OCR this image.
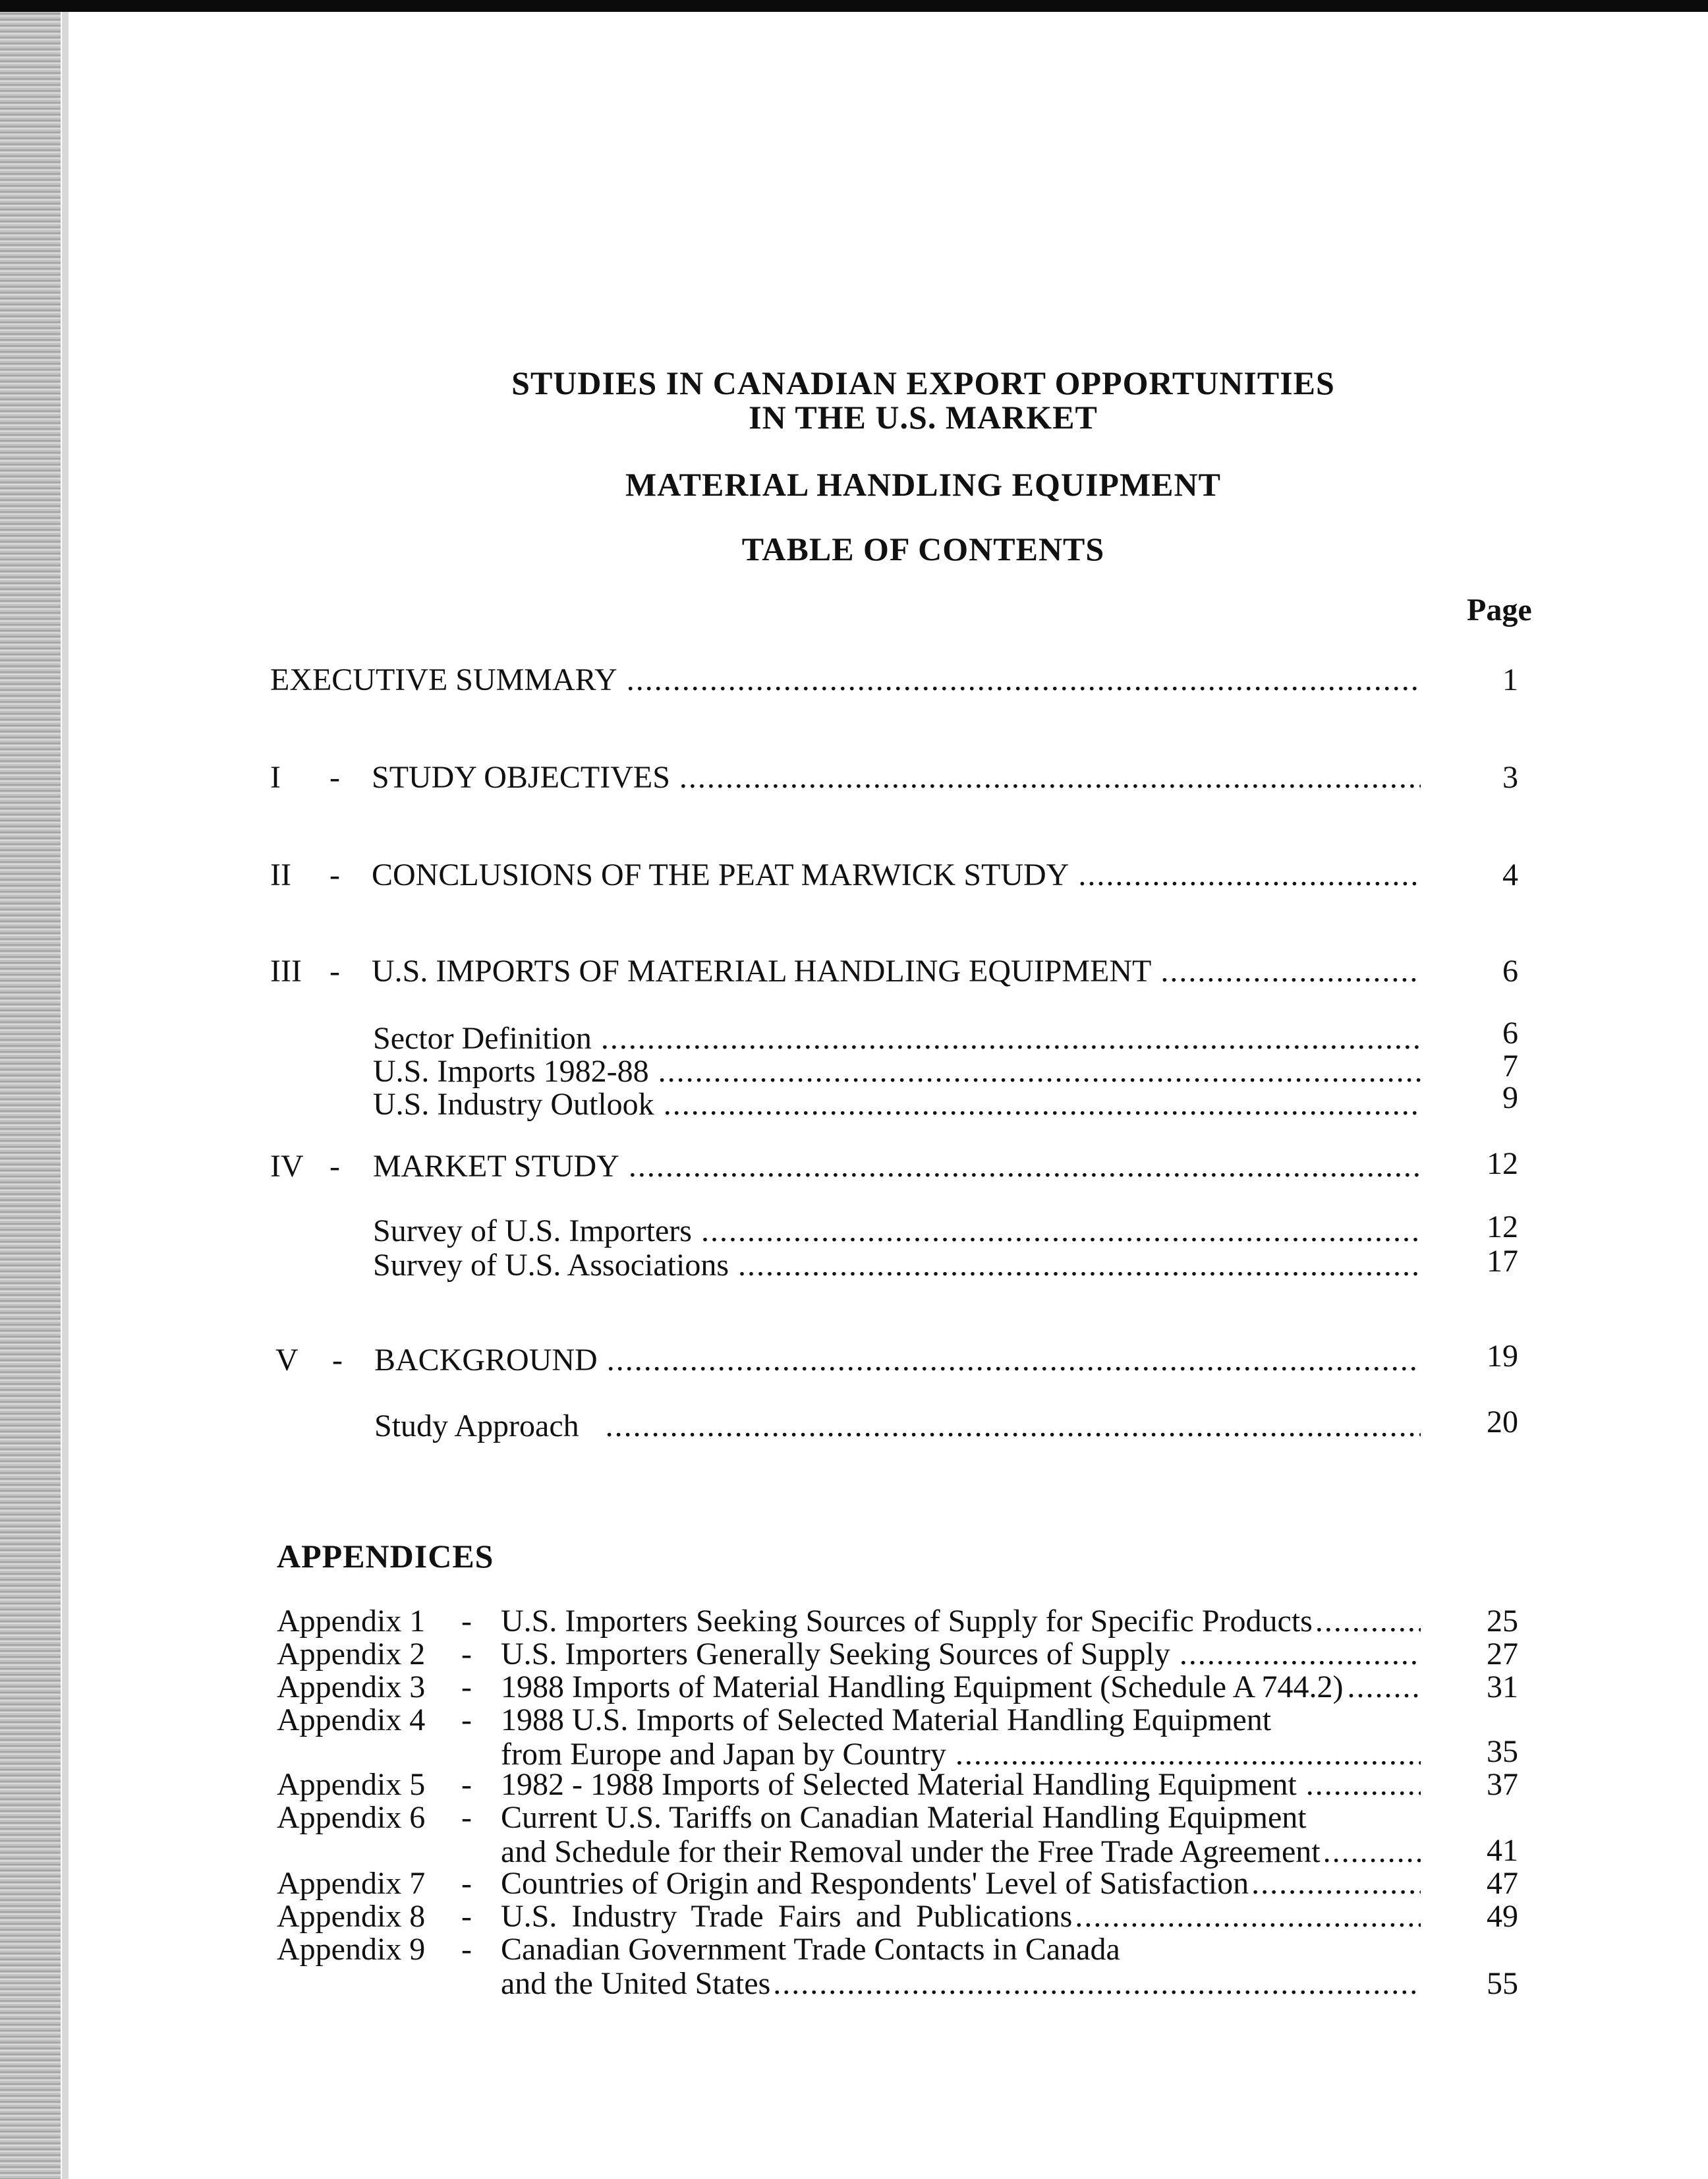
STUDIES IN CANADIAN EXPORT OPPORTUNITIES
IN THE U.S. MARKET
MATERIAL HANDLING EQUIPMENT
TABLE OF CONTENTS
Page
EXECUTIVE SUMMARY .....	1
I - STUDY OBJECTIVES .....	3
II - CONCLUSIONS OF THE PEAT MARWICK STUDY .....	4
III - U.S. IMPORTS OF MATERIAL HANDLING EQUIPMENT .....	6
Sector Definition .....	6
U.S. Imports 1982-88 .....	7
U.S. Industry Outlook .....	9
IV - MARKET STUDY .....	12
Survey of U.S. Importers .....	12
Survey of U.S. Associations .....	17
V - BACKGROUND .....	19
Study Approach .....	20
APPENDICES
Appendix 1 - U.S. Importers Seeking Sources of Supply for Specific Products .....	25
Appendix 2 - U.S. Importers Generally Seeking Sources of Supply .....	27
Appendix 3 - 1988 Imports of Material Handling Equipment (Schedule A 744.2) .....	31
Appendix 4 - 1988 U.S. Imports of Selected Material Handling Equipment
from Europe and Japan by Country .....	35
Appendix 5 - 1982 - 1988 Imports of Selected Material Handling Equipment .....	37
Appendix 6 - Current U.S. Tariffs on Canadian Material Handling Equipment
and Schedule for their Removal under the Free Trade Agreement .....	41
Appendix 7 - Countries of Origin and Respondents' Level of Satisfaction .....	47
Appendix 8 - U.S. Industry Trade Fairs and Publications .....	49
Appendix 9 - Canadian Government Trade Contacts in Canada
and the United States .....	55
